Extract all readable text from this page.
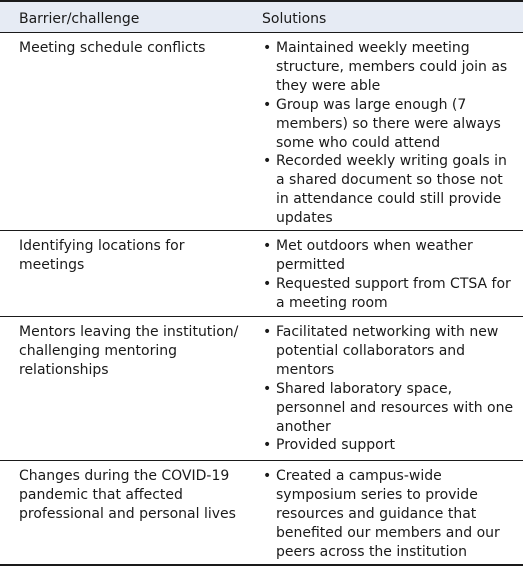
Barrier/challenge	Solutions
Meeting schedule conflicts	• Maintained weekly meeting structure, members could join as they were able
• Group was large enough (7 members) so there were always some who could attend
• Recorded weekly writing goals in a shared document so those not in attendance could still provide updates
Identifying locations for meetings
• Met outdoors when weather permitted
• Requested support from CTSA for a meeting room
Mentors leaving the institution/ challenging mentoring relationships
• Facilitated networking with new potential collaborators and mentors
• Shared laboratory space, personnel and resources with one another
• Provided support
Changes during the COVID-19 pandemic that affected professional and personal lives
• Created a campus-wide symposium series to provide resources and guidance that benefited our members and our peers across the institution
